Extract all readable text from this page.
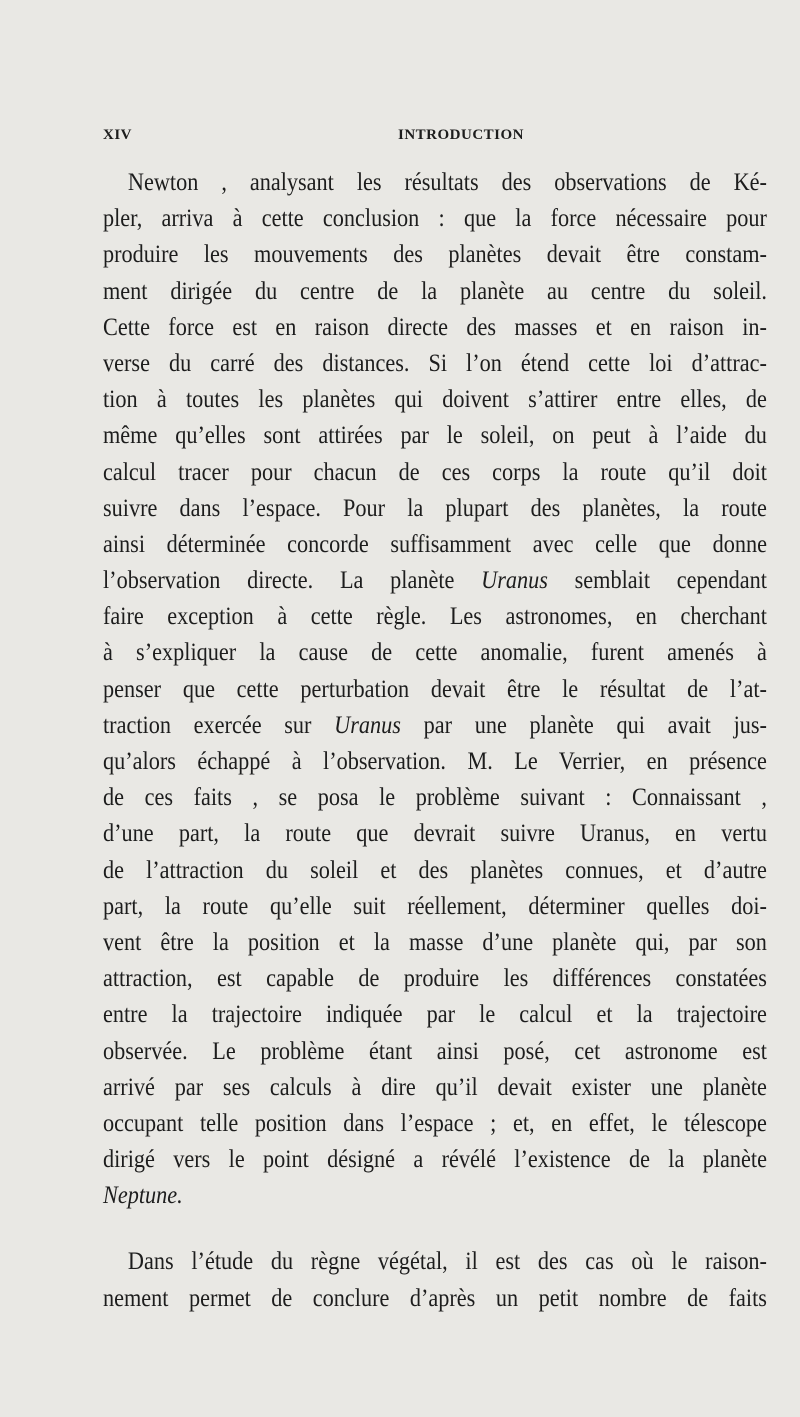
XIV	INTRODUCTION
Newton , analysant les résultats des observations de Ké-
pler, arriva à cette conclusion : que la force nécessaire pour
produire les mouvements des planètes devait être constam-
ment dirigée du centre de la planète au centre du soleil.
Cette force est en raison directe des masses et en raison in-
verse du carré des distances. Si l’on étend cette loi d’attrac-
tion à toutes les planètes qui doivent s’attirer entre elles, de
même qu’elles sont attirées par le soleil, on peut à l’aide du
calcul tracer pour chacun de ces corps la route qu’il doit
suivre dans l’espace. Pour la plupart des planètes, la route
ainsi déterminée concorde suffisamment avec celle que donne
l’observation directe. La planète Uranus semblait cependant
faire exception à cette règle. Les astronomes, en cherchant
à s’expliquer la cause de cette anomalie, furent amenés à
penser que cette perturbation devait être le résultat de l’at-
traction exercée sur Uranus par une planète qui avait jus-
qu’alors échappé à l’observation. M. Le Verrier, en présence
de ces faits , se posa le problème suivant : Connaissant ,
d’une part, la route que devrait suivre Uranus, en vertu
de l’attraction du soleil et des planètes connues, et d’autre
part, la route qu’elle suit réellement, déterminer quelles doi-
vent être la position et la masse d’une planète qui, par son
attraction, est capable de produire les différences constatées
entre la trajectoire indiquée par le calcul et la trajectoire
observée. Le problème étant ainsi posé, cet astronome est
arrivé par ses calculs à dire qu’il devait exister une planète
occupant telle position dans l’espace ; et, en effet, le télescope
dirigé vers le point désigné a révélé l’existence de la planète
Neptune.
Dans l’étude du règne végétal, il est des cas où le raison-
nement permet de conclure d’après un petit nombre de faits
